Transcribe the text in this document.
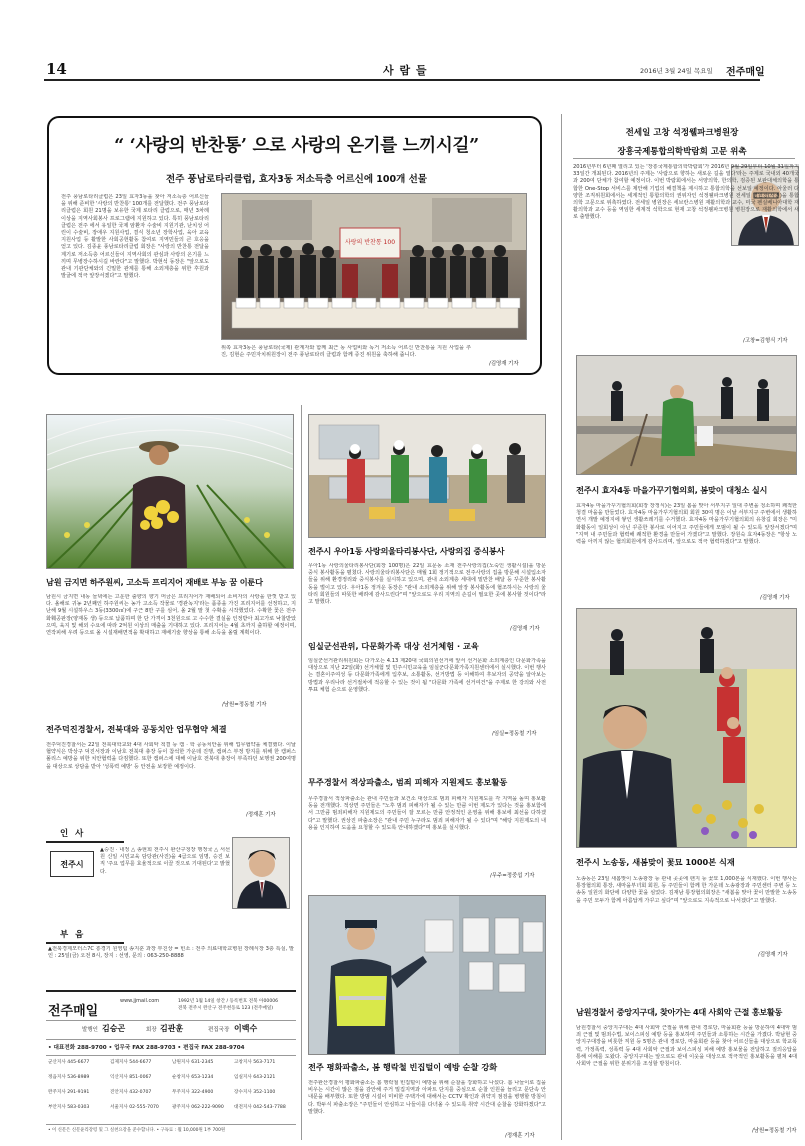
14	사 람 들	2016년 3월 24일 목요일 전주매일
“ ‘사랑의 반찬통’ 으로 사랑의 온기를 느끼시길”
전주 풍남로타리클럽, 효자3동 저소득층 어르신에 100개 선물
전주 풍남로타리클럽은 23일 효자3동을 찾아 저소득층 어르신들을 위해 준비한 '사랑의 반찬통' 100개를 전달했다. 전주 풍남로타리클럽은 회원 21명을 보유한 국제 로타리 클럽으로, 매년 3차례 이상을 지역사회봉사 프로그램에 지원하고 있다. 특히 풍남로타리클럽은 전주 에서 유일한 국제 암환자 수술비 지원기관, 난치성 어린이 수술비, 장애우 지원사업, 결식 청소년 장학사업, 육아 교육 지원사업 등 활발한 사회공헌활동 참여로 지역민들의 큰 호응을 얻고 있다. 김종윤 풍남로타리클럽 회장은 "사랑의 반찬통 전달을 계기로 저소득층 어르신들이 지역사회의 관심과 사랑의 온기를 느끼며 무병장수하시길 바란다"고 말했다. 박현석 동장은 "앞으로도 관내 기관단체와의 긴밀한 관계를 통해 소외계층을 위한 후원과 발굴에 적극 앞장서겠다"고 말했다.
사랑의 반찬통 100
위쪽 효자3동은 풍남로타(국제) 관계자와 함께 최근 동 사업비와 독거 저소득 어르신 반찬통을 지원 사업을 추진, 김현순 주민자치위원장이 전주 풍남로타리 클럽과 함께 증진 위원을 축하해 줍니다.
/김영재 기자
전세일 고창 석정웰파크병원장
장흥국제통합의학박람회 고문 위촉
2016년부터 6년째 열리고 있는 '장흥국제통합의학박람회'가 2016년 9월 29일부터 10월 31일까지 33일간 개최된다. 2016년의 주제는 '사람으로 향하는 새로운 길을 열다'라는 주제로 국내외 40개국 과 200여 단체가 참여할 예정이다. 이번 박람회에서는 서양의학, 한의학, 검증된 보완대체의학을 통합한 One-Stop 서비스를 제안해 기업의 해결책을 제시하고 통합의학을 선보일 예정이다. 아울러 다양한 조직위원회에서는 세계적인 통합의학의 권위자인 석정웰파크병원 전세일 병원장(사진)을 통합의학 고문으로 위촉하였다. 전세일 병원장은 세브란스병원 재활의학과 교수, 미국 펜실베니아대학 재활의학과 교수 등을 역임한 세계적 석학으로 현재 고창 석정웰파크병원 병원장으로 재활의학에서 새로 출발했다.
/고창=김형식 기자
남원 금지면 하주원씨, 고소득 프리지어 재배로 부농 꿈 이룬다
남원시 금지면 내동 들녘에는 고운한 출향의 향기 머금은 프리지어가 재배되어 소비자의 사랑을 한껏 받고 있다. 올해로 귀농 2년째인 하주원씨는 농가 고소득 작물로 '경관녹지'라는 품종을 가진 프리지어를 선정하고, 지난해 9월 시설하우스 3동(3300㎡)에 구근 8만 구를 심어, 올 2월 말 첫 수확을 시작했었다. 수확한 꽃은 전주 화훼공판장(양재동 생) 등으로 납품하며 한 단 가격이 3천원으로 고 수수한 결실을 인정받아 최고가로 낙찰받았으며, 육지 및 해외 수요에 따라 2억원 이상의 매출을 기대하고 있다. 프리지어는 4월 초까지 출하할 예정이며, 연작피해 우려 등으로 올 시설재배면적을 확대하고 재배기술 향상을 통해 소득을 올릴 계획이다.
/남원=정동철 기자
전주덕진경찰서, 전북대와 공동치안 업무협약 체결
전주덕진경찰서는 22일 전북대학교와 4대 사회악 척결 등 캠 · 학 공동치안을 위해 업무협약을 체결했다. 이날 협약식은 박상구 덕진서장과 이남호 전북대 총장 등이 참석한 가운데 진행, 캠퍼스 부정 방지를 위해 한 캠퍼스폴리스 예방을 위한 치안협력을 다짐했다. 또한 캠퍼스에 대해 이남호 전북대 총장이 부족하던 보행권 200여명을 대상으로 상담을 받아 '성폭력 예방' 등 안전을 보장한 예정이다.
/정재훈 기자
인 사
전주시
▲승진 · 내정 △ 송현희 전주시 완산구청장 행정국 △ 서선원 신일 시민교육 담당관(사진)을 4급으로 임명, 승진 보직 '주요 업무를 효율적으로 이끌 것으로 기대된다'고 밝혔다.
부 음
▲전북경제모터스7C 흥경기 원영팀 송지훈 과장 부친상 = 빈소 : 전주 의료대학교병원 장례식장 3층 특실, 발인 : 25일(금) 오전 8시, 장지 : 선영, 문의 : 063-250-8888
전주매일
www.jjmail.com	1992년 1월 14일 창간 / 등록번호 전북 아00006
전북 전주시 완산구 전주천동로 123 (전주매일)
발행인 김승곤	회장 김관훈	편집국장 이백수
• 대표전화 288-9700 • 업무국 FAX 288-9703 • 편집국 FAX 288-9704
군산지사 445-6677	김제지사 544-6677	남원지사 631-2345	고창지사 563-7171
정읍지사 536-8989	익산지사 851-0067	순창지사 653-1234	임실지사 643-2121
완주지사 291-9191	진안지사 432-0707	무주지사 322-4900	장수지사 352-1100
부안지사 583-0303	서울지사 02-555-7070	광주지사 062-222-9090 대전지사 042-543-7788
• 이 신문은 신문윤리강령 및 그 실천요강을 준수합니다. • 구독료 : 월 10,000원 1부 700원
전주시 우아1동 사랑의울타리봉사단, 사랑의집 중식봉사
우아1동 사랑의울타리봉사단(회장 100명)은 22일 효문동 소재 전주사랑의집(노숙인 생활시설)을 방문 중식 봉사활동을 펼쳤다. 사랑의울타리봉사단은 매월 1회 정기적으로 전주사랑의 집을 방문해 시설입소자들을 위해 환경정리와 중식봉사를 실시하고 있으며, 관내 소외계층 세대에 밑반찬 배달 등 꾸준한 봉사활동을 벌이고 있다. 우아1동 정겨운 동장은 "관내 소외계층을 위해 앞장 봉사활동에 협조하시는 사랑의 울타리 회원들의 따뜻한 배려에 감사드린다"며 "앞으로도 우리 지역의 손길이 필요한 곳에 봉사할 것이다"라고 말했다.
/김영재 기자
임실군선관위, 다문화가족 대상 선거체험 · 교육
임실군선거관리위원회는 다가오는 4.13 제20대 국회의원선거에 앞서 선거문화 소외계층인 다문화가족을 대상으로 지난 22일(화) 선거체험 및 민주시민교육을 임실군다문화가족지원센터에서 실시했다. 이번 행사는 결혼이주여성 등 다문화가족에게 입후보, 소통활동, 선거방법 등 이해하여 후보자의 공약을 알아보는 방법과 우리나라 선거절차에 적응할 수 있는 것이 됨 "다문화 가족에 선거여건"을 주제로 한 강의와 사전투표 체험 순으로 운영했다.
/임실=정동철 기자
무주경찰서 적상파출소, 범죄 피해자 지원제도 홍보활동
무주경찰서 적상파출소는 관내 주민들과 보건소 대상으로 범죄 피해자 지원제도를 각 지역을 돌며 홍보활동을 전개했다. 적상면 주민들은 "노후 범죄 피해자가 될 수 있는 만큼 이번 제도가 있다는 것을 홍보함에서 그만큼 범죄피해자 지원제도의 주민들이 잘 모르는 만큼 안정적인 운영을 위해 홍보에 최선을 다하겠다"고 말했다. 권상진 파출소장은 "관내 주민 누구라도 범죄 피해자가 될 수 있다"며 "해당 지원제도의 내용을 인지하여 도움을 요청할 수 있도록 안내하겠다"며 홍보를 실시했다.
/무주=정중섭 기자
전주 평화파출소, 봄 행락철 빈집털이 예방 순찰 강화
전주완산경찰서 평화파출소는 봄 행락철 빈집털이 예방을 위해 순찰을 강화하고 나섰다. 봄 나들이로 집을 비우는 시간이 많은 점을 감안해 주거 밀집지역과 아파트 단지를 중심으로 순찰 인원을 늘리고 문단속 안내문을 배부했다. 또한 방범 시설이 미비한 주택가에 대해서는 CCTV 확인과 취약지 점검을 병행할 방침이다. 박두식 파출소장은 "주민들이 안심하고 나들이를 다녀올 수 있도록 취약 시간대 순찰을 강화하겠다"고 말했다.
/정재훈 기자
전주시 효자4동 마을가꾸기협의회, 봄맞이 대청소 실시
효자4동 마을가꾸기협의회(회장 장정식)는 23일 봄을 맞아 서부지구 일대 주변을 청소하며 쾌적한 청결 마을을 만들었다. 효자4동 마을가꾸기협의회 회원 30여 명은 이날 서부지구 주변에서 생활하면서 개발 예정지에 쌓인 생활쓰레기를 수거했다. 효자4동 마을가꾸기협의회의 유창길 회장은 "미화활동이 일회성이 아닌 꾸준한 봉사로 이어지고 주민들에게 모범이 될 수 있도록 앞장서겠다"며 "지역 내 주민들과 협력해 쾌적한 환경을 만들어 가겠다"고 말했다. 장원숙 효자4동장은 "항상 노력을 아끼지 않는 협의회원에게 감사드리며, 앞으로도 적극 협력하겠다"고 말했다.
/김영재 기자
전주시 노송동, 새봄맞이 꽃묘 1000본 식재
노송동은 23일 새봄맞이 노송광장 등 관내 곳곳에 팬지 등 꽃묘 1,000본을 식재했다. 이번 행사는 통장협의회 통장, 새마을부녀회 회원, 동 주민들이 함께 한 가운데 노송광장과 주민센터 주변 등 노송동 일원의 화단에 다양한 꽃을 심었다. 김재남 통장협의회장은 "새봄을 맞아 꽃이 만발한 노송동을 주민 모두가 함께 아름답게 가꾸고 싶다"며 "앞으로도 지속적으로 나서겠다"고 말했다.
/김영재 기자
남원경찰서 중앙지구대, 찾아가는 4대 사회악 근절 홍보활동
남원경찰서 중앙지구대는 4대 사회악 근절을 위해 관내 경로당, 마을회관 등을 방문하여 4대악 범죄 근절 및 범죄수법, 보이스피싱 예방 등을 홍보하며 주민들과 소통하는 시간을 가졌다. 박남현 중앙지구대장을 비롯한 직원 등 5명은 관내 경로당, 마을회관 등을 찾아 어르신들을 대상으로 학교폭력, 가정폭력, 성폭력 등 4대 사회악 근절과 보이스피싱 피해 예방 홍보물을 전달하고 질의응답을 통해 이해를 도왔다. 중앙지구대는 앞으로도 관내 이웃을 대상으로 적극적인 홍보활동을 펼쳐 4대 사회악 근절을 위한 분위기를 조성할 방침이다.
/남원=정동철 기자
